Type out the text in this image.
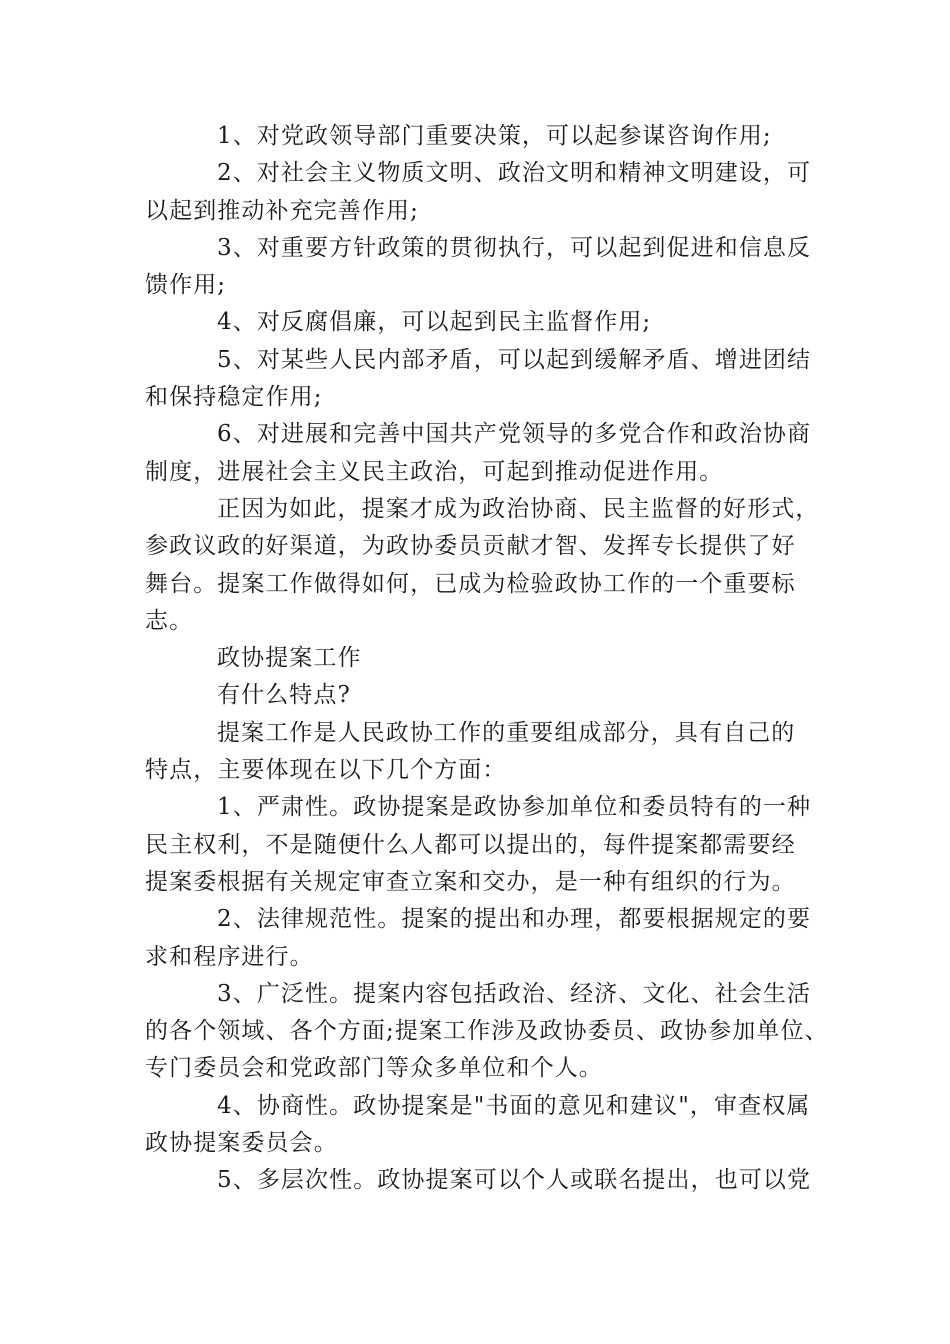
1、对党政领导部门重要决策，可以起参谋咨询作用;
2、对社会主义物质文明、政治文明和精神文明建设，可
以起到推动补充完善作用;
3、对重要方针政策的贯彻执行，可以起到促进和信息反
馈作用;
4、对反腐倡廉，可以起到民主监督作用;
5、对某些人民内部矛盾，可以起到缓解矛盾、增进团结
和保持稳定作用;
6、对进展和完善中国共产党领导的多党合作和政治协商
制度，进展社会主义民主政治，可起到推动促进作用。
正因为如此，提案才成为政治协商、民主监督的好形式，
参政议政的好渠道，为政协委员贡献才智、发挥专长提供了好
舞台。提案工作做得如何，已成为检验政协工作的一个重要标
志。
政协提案工作
有什么特点?
提案工作是人民政协工作的重要组成部分，具有自己的
特点，主要体现在以下几个方面：
1、严肃性。政协提案是政协参加单位和委员特有的一种
民主权利，不是随便什么人都可以提出的，每件提案都需要经
提案委根据有关规定审查立案和交办，是一种有组织的行为。
2、法律规范性。提案的提出和办理，都要根据规定的要
求和程序进行。
3、广泛性。提案内容包括政治、经济、文化、社会生活
的各个领域、各个方面;提案工作涉及政协委员、政协参加单位、
专门委员会和党政部门等众多单位和个人。
4、协商性。政协提案是"书面的意见和建议"，审查权属
政协提案委员会。
5、多层次性。政协提案可以个人或联名提出，也可以党
